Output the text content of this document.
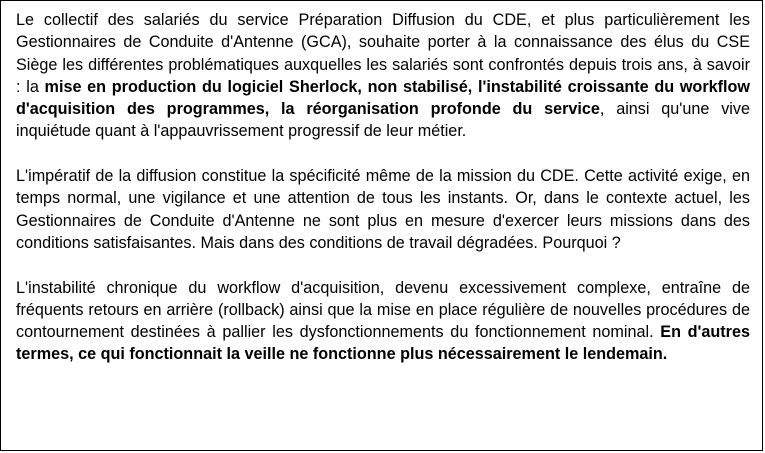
Le collectif des salariés du service Préparation Diffusion du CDE, et plus particulièrement les Gestionnaires de Conduite d'Antenne (GCA), souhaite porter à la connaissance des élus du CSE Siège les différentes problématiques auxquelles les salariés sont confrontés depuis trois ans, à savoir : la mise en production du logiciel Sherlock, non stabilisé, l'instabilité croissante du workflow d'acquisition des programmes, la réorganisation profonde du service, ainsi qu'une vive inquiétude quant à l'appauvrissement progressif de leur métier.

L'impératif de la diffusion constitue la spécificité même de la mission du CDE. Cette activité exige, en temps normal, une vigilance et une attention de tous les instants. Or, dans le contexte actuel, les Gestionnaires de Conduite d'Antenne ne sont plus en mesure d'exercer leurs missions dans des conditions satisfaisantes. Mais dans des conditions de travail dégradées. Pourquoi ?

L'instabilité chronique du workflow d'acquisition, devenu excessivement complexe, entraîne de fréquents retours en arrière (rollback) ainsi que la mise en place régulière de nouvelles procédures de contournement destinées à pallier les dysfonctionnements du fonctionnement nominal. En d'autres termes, ce qui fonctionnait la veille ne fonctionne plus nécessairement le lendemain.
